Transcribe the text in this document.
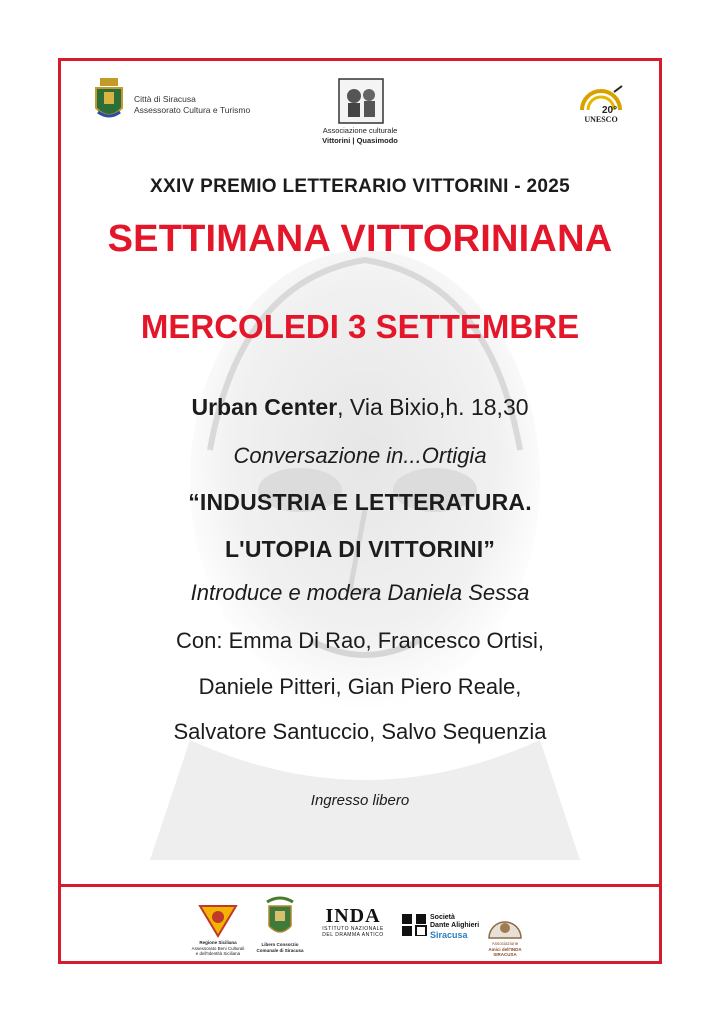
Città di Siracusa
Assessorato Cultura e Turismo
Associazione culturale
Vittorini | Quasimodo
20°
UNESCO
XXIV PREMIO LETTERARIO VITTORINI - 2025
SETTIMANA VITTORINIANA
MERCOLEDI 3 SETTEMBRE
Urban Center, Via Bixio,h. 18,30
Conversazione in...Ortigia
“INDUSTRIA E LETTERATURA.
L'UTOPIA DI VITTORINI”
Introduce e modera Daniela Sessa
Con: Emma Di Rao, Francesco Ortisi,
Daniele Pitteri, Gian Piero Reale,
Salvatore Santuccio, Salvo Sequenzia
Ingresso libero
Regione Siciliana
Assessorato Beni Culturali
e dell'Identità Siciliana
Libero Consorzio
Comunale di Siracusa
INDA
ISTITUTO NAZIONALE
DEL DRAMMA ANTICO
Società
Dante Alighieri
Siracusa
Associazione
Amici dell'INDA
SIRACUSA
